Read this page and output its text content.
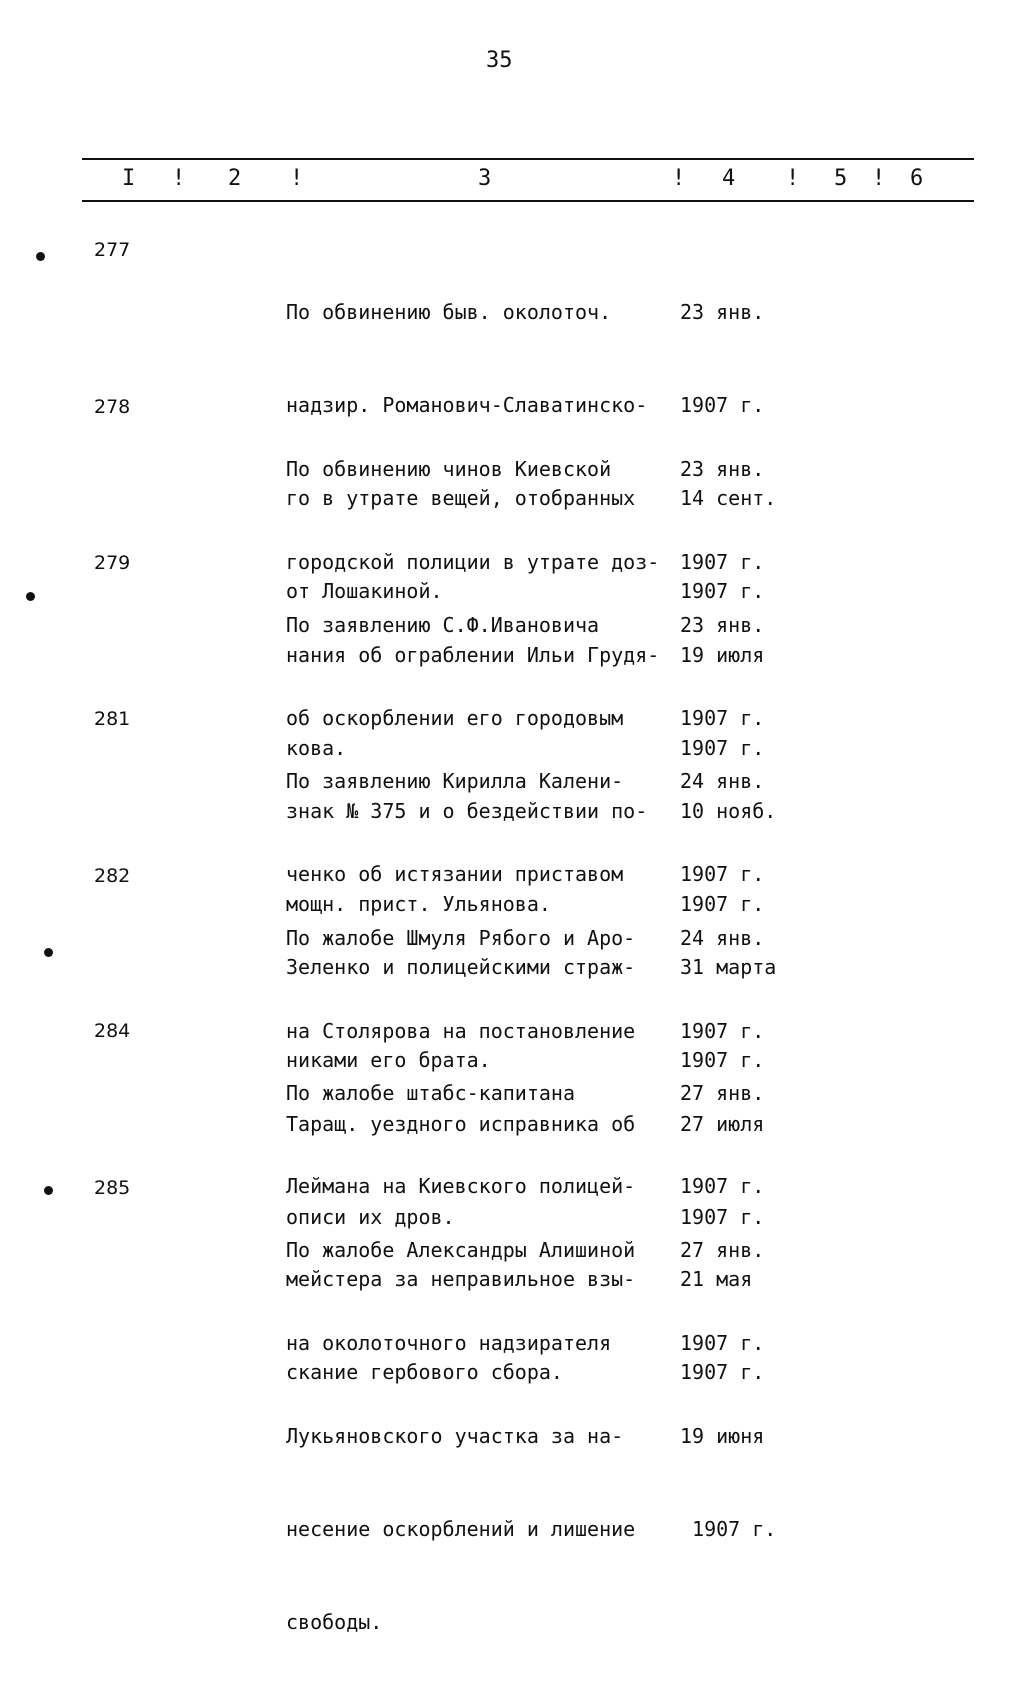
35
I ! 2 !	3	! 4 ! 5 ! 6
277

По обвинению быв. околоточ.

надзир. Романович-Славатинско-

го в утрате вещей, отобранных

от Лошакиной.

23 янв.

1907 г.

14 сент.

1907 г.

278

По обвинению чинов Киевской

городской полиции в утрате доз-

нания об ограблении Ильи Грудя-

кова.

23 янв.

1907 г.

19 июля

1907 г.

279

По заявлению С.Ф.Ивановича

об оскорблении его городовым

знак № 375 и о бездействии по-

мощн. прист. Ульянова.

23 янв.

1907 г.

10 нояб.

1907 г.

281

По заявлению Кирилла Калени-

ченко об истязании приставом

Зеленко и полицейскими страж-

никами его брата.

24 янв.

1907 г.

31 марта

1907 г.

282

По жалобе Шмуля Рябого и Аро-

на Столярова на постановление

Таращ. уездного исправника об

описи их дров.

24 янв.

1907 г.

27 июля

1907 г.

284

По жалобе штабс-капитана

Леймана на Киевского полицей-

мейстера за неправильное взы-

скание гербового сбора.

27 янв.

1907 г.

21 мая

1907 г.

285

По жалобе Александры Алишиной

на околоточного надзирателя

Лукьяновского участка за на-

несение оскорблений и лишение

свободы.

27 янв.

1907 г.

19 июня

1907 г.
